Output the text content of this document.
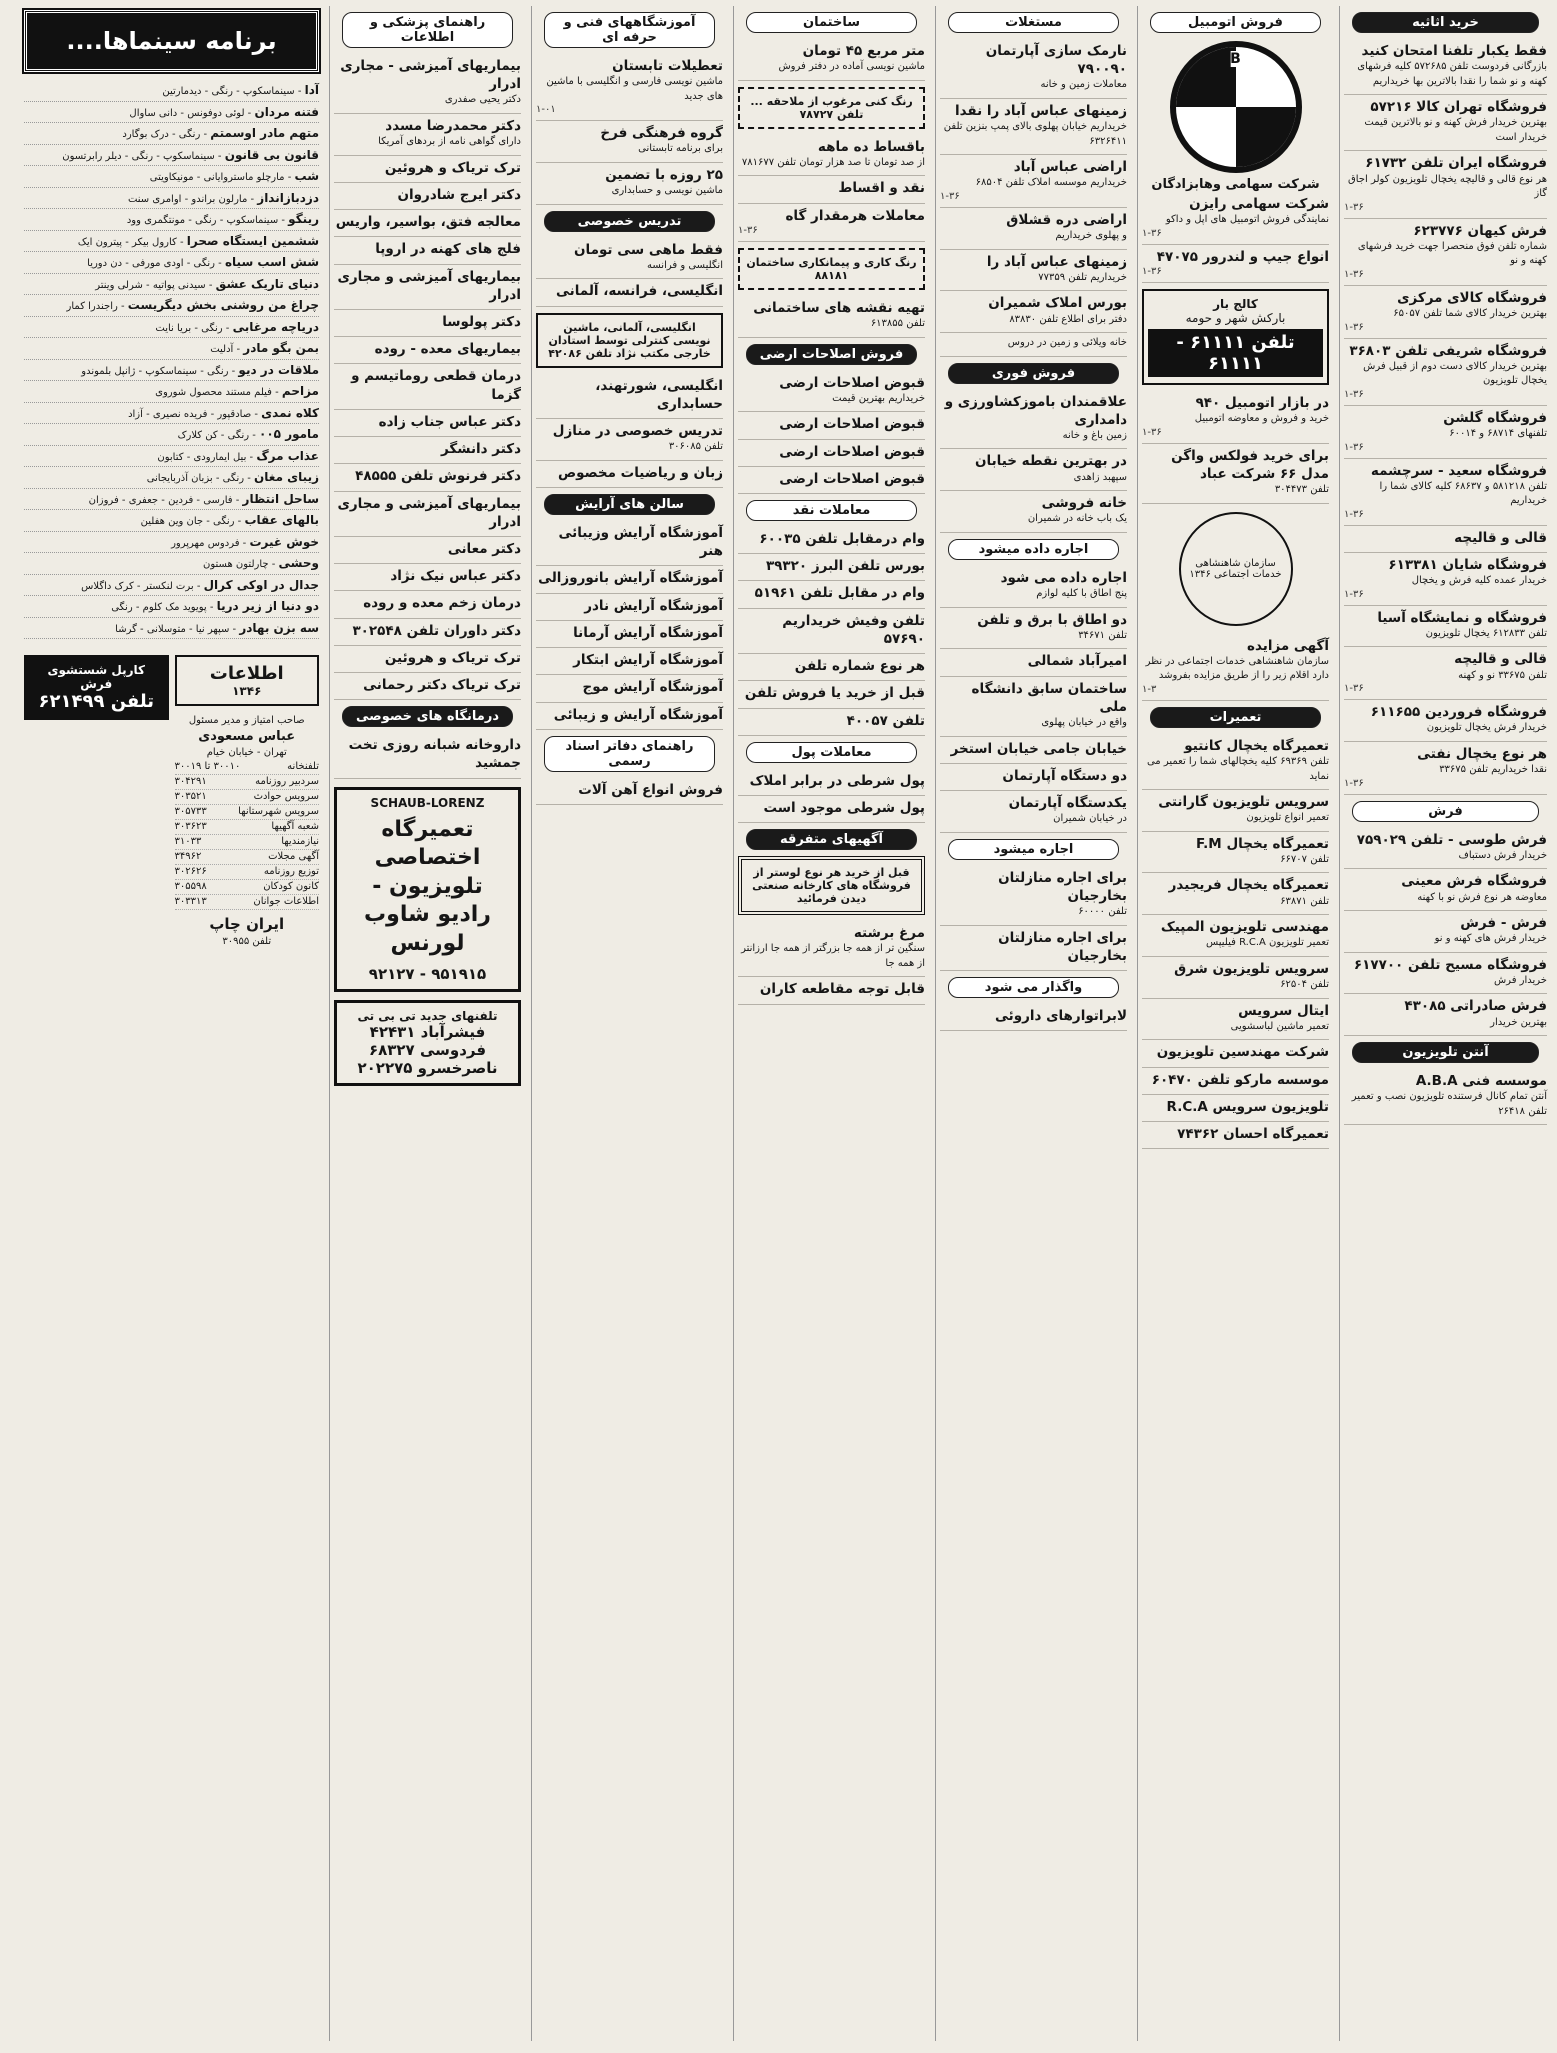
خرید اثاثیه
فقط یکبار تلفنا امتحان کنید
بازرگانی فردوست تلفن ۵۷۲۶۸۵ کلیه فرشهای کهنه و نو شما را نقدا بالاترین بها خریداریم
فروشگاه تهران کالا ۵۷۲۱۶
بهترین خریدار فرش کهنه و نو بالاترین قیمت خریدار است
فروشگاه ایران تلفن ۶۱۷۳۲
هر نوع قالی و قالیچه یخچال تلویزیون کولر اجاق گاز
۱-۳۶
فرش کیهان ۶۲۳۷۷۶
شماره تلفن فوق منحصرا جهت خرید فرشهای کهنه و نو
۱-۳۶
فروشگاه کالای مرکزی
بهترین خریدار کالای شما تلفن ۶۵۰۵۷
۱-۳۶
فروشگاه شریفی تلفن ۳۶۸۰۳
بهترین خریدار کالای دست دوم از قبیل فرش یخچال تلویزیون
۱-۳۶
فروشگاه گلشن
تلفنهای ۶۸۷۱۴ و ۶۰۰۱۴
۱-۳۶
فروشگاه سعید - سرچشمه
تلفن ۵۸۱۲۱۸ و ۶۸۶۳۷ کلیه کالای شما را خریداریم
۱-۳۶
قالی و قالیچه
فروشگاه شایان ۶۱۳۳۸۱
خریدار عمده کلیه فرش و یخچال
۱-۳۶
فروشگاه و نمایشگاه آسیا
تلفن ۶۱۲۸۳۳ یخچال تلویزیون
قالی و قالیچه
تلفن ۳۳۶۷۵ نو و کهنه
۱-۳۶
فروشگاه فروردین ۶۱۱۶۵۵
خریدار فرش یخچال تلویزیون
هر نوع یخچال نفتی
نقدا خریداریم تلفن ۳۳۶۷۵
۱-۳۶
فرش
فرش طوسی - تلفن ۷۵۹۰۲۹
خریدار فرش دستباف
فروشگاه فرش معینی
معاوضه هر نوع فرش نو با کهنه
فرش - فرش
خریدار فرش های کهنه و نو
فروشگاه مسیح تلفن ۶۱۷۷۰۰
خریدار فرش
فرش صادراتی ۴۳۰۸۵
بهترین خریدار
آنتن تلویزیون
موسسه فنی A.B.A
آنتن تمام کانال فرستنده تلویزیون نصب و تعمیر تلفن ۲۶۴۱۸
فروش اتومبیل
B
شرکت سهامی وهابزادگان
شرکت سهامی رایزن
نمایندگی فروش اتومبیل های اپل و داکو
۱-۳۶
انواع جیپ و لندرور ۴۷۰۷۵
۱-۳۶
کالج بار
بارکش شهر و حومه
تلفن ۶۱۱۱۱ - ۶۱۱۱۱
در بازار اتومبیل ۹۴۰
خرید و فروش و معاوضه اتومبیل
۱-۳۶
برای خرید فولکس واگن مدل ۶۶ شرکت عباد
تلفن ۳۰۴۴۷۳
سازمان شاهنشاهی خدمات اجتماعی ۱۳۴۶
آگهی مزایده
سازمان شاهنشاهی خدمات اجتماعی در نظر دارد اقلام زیر را از طریق مزایده بفروشد
۱-۳
تعمیرات
تعمیرگاه یخچال کانتیو
تلفن ۶۹۳۶۹ کلیه یخچالهای شما را تعمیر می نماید
سرویس تلویزیون گارانتی
تعمیر انواع تلویزیون
تعمیرگاه یخچال F.M
تلفن ۶۶۷۰۷
تعمیرگاه یخچال فریجیدر
تلفن ۶۳۸۷۱
مهندسی تلویزیون المپیک
تعمیر تلویزیون R.C.A فیلیپس
سرویس تلویزیون شرق
تلفن ۶۲۵۰۴
ایتال سرویس
تعمیر ماشین لباسشویی
شرکت مهندسین تلویزیون
موسسه مارکو تلفن ۶۰۴۷۰
تلویزیون سرویس R.C.A
تعمیرگاه احسان ۷۴۳۶۲
مستغلات
نارمک سازی آپارتمان ۷۹۰۰۹۰
معاملات زمین و خانه
زمینهای عباس آباد را نقدا
خریداریم خیابان پهلوی بالای پمپ بنزین تلفن ۶۳۲۶۴۱۱
اراضی عباس آباد
خریداریم موسسه املاک تلفن ۶۸۵۰۴
۱-۳۶
اراضی دره قشلاق
و پهلوی خریداریم
زمینهای عباس آباد را
خریداریم تلفن ۷۷۳۵۹
بورس املاک شمیران
دفتر برای اطلاع تلفن ۸۳۸۳۰
خانه ویلائی و زمین در دروس
فروش فوری
علاقمندان باموزکشاورزی و دامداری
زمین باغ و خانه
در بهترین نقطه خیابان
سپهبد زاهدی
خانه فروشی
یک باب خانه در شمیران
اجاره داده میشود
اجاره داده می شود
پنج اطاق با کلیه لوازم
دو اطاق با برق و تلفن
تلفن ۳۴۶۷۱
امیرآباد شمالی
ساختمان سابق دانشگاه ملی
واقع در خیابان پهلوی
خیابان جامی خیابان استخر
دو دستگاه آپارتمان
یکدستگاه آپارتمان
در خیابان شمیران
اجاره میشود
برای اجاره منازلتان بخارجیان
تلفن ۶۰۰۰۰
برای اجاره منازلتان بخارجیان
واگذار می شود
لابراتوارهای داروئی
ساختمان
متر مربع ۴۵ تومان
ماشین نویسی آماده در دفتر فروش
رنگ کنی مرغوب از ملاحقه ... تلفن ۷۸۷۲۷
باقساط ده ماهه
از صد تومان تا صد هزار تومان تلفن ۷۸۱۶۷۷
نقد و اقساط
معاملات هرمقدار گاه
۱-۳۶
رنگ کاری و پیمانکاری ساختمان ۸۸۱۸۱
تهیه نقشه های ساختمانی
تلفن ۶۱۳۸۵۵
فروش اصلاحات ارضی
قبوض اصلاحات ارضی
خریداریم بهترین قیمت
قبوض اصلاحات ارضی
قبوض اصلاحات ارضی
قبوض اصلاحات ارضی
معاملات نقد
وام درمقابل تلفن ۶۰۰۳۵
بورس تلفن البرز ۳۹۳۲۰
وام در مقابل تلفن ۵۱۹۶۱
تلفن وفیش خریداریم ۵۷۶۹۰
هر نوع شماره تلفن
قبل از خرید یا فروش تلفن
تلفن ۴۰۰۵۷
معاملات پول
پول شرطی در برابر املاک
پول شرطی موجود است
آگهیهای متفرقه
قبل از خرید هر نوع لوستر از فروشگاه های کارخانه صنعتی دیدن فرمائید
مرغ برشته
سنگین تر از همه جا بزرگتر از همه جا ارزانتر از همه جا
قابل توجه مقاطعه کاران
آموزشگاههای فنی و حرفه ای
تعطیلات تابستان
ماشین نویسی فارسی و انگلیسی با ماشین های جدید
۱-۰۱
گروه فرهنگی فرخ
برای برنامه تابستانی
۲۵ روزه با تضمین
ماشین نویسی و حسابداری
تدریس خصوصی
فقط ماهی سی تومان
انگلیسی و فرانسه
انگلیسی، فرانسه، آلمانی
انگلیسی، آلمانی، ماشین نویسی کنترلی توسط استادان خارجی مکتب نژاد تلفن ۴۲۰۸۶
انگلیسی، شورتهند، حسابداری
تدریس خصوصی در منازل
تلفن ۳۰۶۰۸۵
زبان و ریاضیات مخصوص
سالن های آرایش
آموزشگاه آرایش وزیبائی هنر
آموزشگاه آرایش بانوروزالی
آموزشگاه آرایش نادر
آموزشگاه آرایش آرمانا
آموزشگاه آرایش ابتکار
آموزشگاه آرایش موج
آموزشگاه آرایش و زیبائی
راهنمای دفاتر اسناد رسمی
فروش انواع آهن آلات
راهنمای پزشکی و اطلاعات
بیماریهای آمیزشی - مجاری ادرار
دکتر یحیی صفدری
دکتر محمدرضا مسدد
دارای گواهی نامه از بردهای آمریکا
ترک تریاک و هروئین
دکتر ایرج شادروان
معالجه فتق، بواسیر، واریس
فلج های کهنه در اروپا
بیماریهای آمیزشی و مجاری ادرار
دکتر پولوسا
بیماریهای معده - روده
درمان قطعی روماتیسم و گزما
دکتر عباس جناب زاده
دکتر دانشگر
دکتر فرنوش تلفن ۴۸۵۵۵
بیماریهای آمیزشی و مجاری ادرار
دکتر معانی
دکتر عباس نیک نژاد
درمان زخم معده و روده
دکتر داوران تلفن ۳۰۲۵۴۸
ترک تریاک و هروئین
ترک تریاک دکتر رحمانی
درمانگاه های خصوصی
داروخانه شبانه روزی تخت جمشید
SCHAUB-LORENZ
تعمیرگاه اختصاصی تلویزیون - رادیو شاوب لورنس
۹۲۱۲۷ - ۹۵۱۹۱۵
تلفنهای جدید تی بی تی
فیشرآباد ۴۲۴۳۱
فردوسی ۶۸۳۲۷
ناصرخسرو ۲۰۲۲۷۵
برنامه سینماها....
آدا - سینماسکوپ - رنگی - دیدمارتین
فتنه مردان - لوئی دوفونس - دانی ساوال
متهم مادر اوسمتم - رنگی - درک بوگارد
قانون بی قانون - سینماسکوپ - رنگی - دیلر رابرتسون
شب - مارچلو ماستروایانی - مونیکاویتی
دزدبازانداز - مارلون براندو - اوامری سنت
رینگو - سینماسکوپ - رنگی - مونتگمری وود
ششمین ایستگاه صحرا - کارول بیکر - پیترون ایک
شش اسب سیاه - رنگی - اودی مورفی - دن دوریا
دنیای تاریک عشق - سیدنی پواتیه - شرلی وینتر
چراغ من روشنی بخش دیگریست - راجندرا کمار
دریاچه مرغابی - رنگی - بریا نایت
بمن بگو مادر - آدلیت
ملاقات در دیو - رنگی - سینماسکوپ - ژانپل بلموندو
مزاحم - فیلم مستند محصول شوروی
کلاه نمدی - صادقپور - فریده نصیری - آزاد
مامور ۰۰۵ - رنگی - کن کلارک
عذاب مرگ - بیل ایمارودی - کتابون
زیبای مغان - رنگی - بزبان آذربایجانی
ساحل انتظار - فارسی - فردین - جعفری - فروزان
بالهای عقاب - رنگی - جان وین هفلین
خوش غیرت - فردوس مهرپرور
وحشی - چارلتون هستون
جدال در اوکی کرال - برت لنکستر - کرک داگلاس
دو دنیا از زیر دریا - پویوید مک کلوم - رنگی
سه بزن بهادر - سپهر نیا - متوسلانی - گرشا
اطلاعات
۱۳۴۶
صاحب امتیاز و مدیر مسئول
عباس مسعودی
تهران - خیابان خیام
تلفنخانه
۳۰۰۱۰ تا ۳۰۰۱۹
سردبیر روزنامه
۳۰۴۲۹۱
سرویس حوادث
۳۰۳۵۲۱
سرویس شهرستانها
۳۰۵۷۳۳
شعبه آگهیها
۳۰۳۶۲۳
نیازمندیها
۳۱۰۳۳
آگهی مجلات
۳۴۹۶۲
توزیع روزنامه
۳۰۲۶۲۶
کانون کودکان
۳۰۵۵۹۸
اطلاعات جوانان
۳۰۳۳۱۳
ایران چاپ
تلفن ۳۰۹۵۵
کارپل شستشوی فرش
تلفن ۶۲۱۴۹۹
